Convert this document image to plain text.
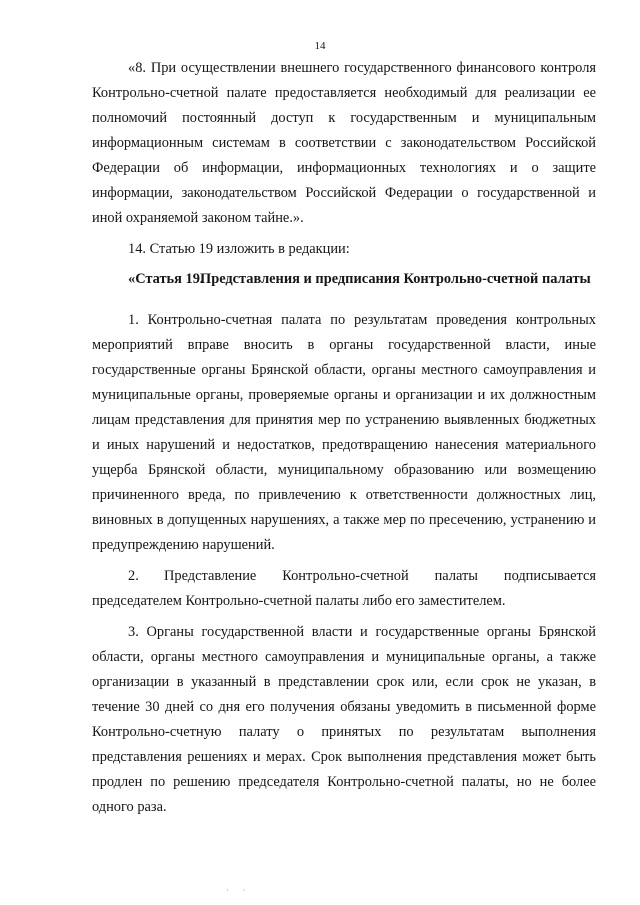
14

«8. При осуществлении внешнего государственного финансового контроля Контрольно-счетной палате предоставляется необходимый для реализации ее полномочий постоянный доступ к государственным и муниципальным информационным системам в соответствии с законодательством Российской Федерации об информации, информационных технологиях и о защите информации, законодательством Российской Федерации о государственной и иной охраняемой законом тайне.».

14. Статью 19 изложить в редакции:

«Статья 19.
Представления и предписания Контрольно-счетной палаты

1. Контрольно-счетная палата по результатам проведения контрольных мероприятий вправе вносить в органы государственной власти, иные государственные органы Брянской области, органы местного самоуправления и муниципальные органы, проверяемые органы и организации и их должностным лицам представления для принятия мер по устранению выявленных бюджетных и иных нарушений и недостатков, предотвращению нанесения материального ущерба Брянской области, муниципальному образованию или возмещению причиненного вреда, по привлечению к ответственности должностных лиц, виновных в допущенных нарушениях, а также мер по пресечению, устранению и предупреждению нарушений.

2.	Представление Контрольно-счетной палаты подписывается

председателем Контрольно-счетной палаты либо его заместителем.

3. Органы государственной власти и государственные органы Брянской области, органы местного самоуправления и муниципальные органы, а также организации в указанный в представлении срок или, если срок не указан, в течение 30 дней со дня его получения обязаны уведомить в письменной форме Контрольно-счетную палату о принятых по результатам выполнения представления решениях и мерах. Срок выполнения представления может быть продлен по решению председателя Контрольно-счетной палаты, но не более одного раза.

· ·
